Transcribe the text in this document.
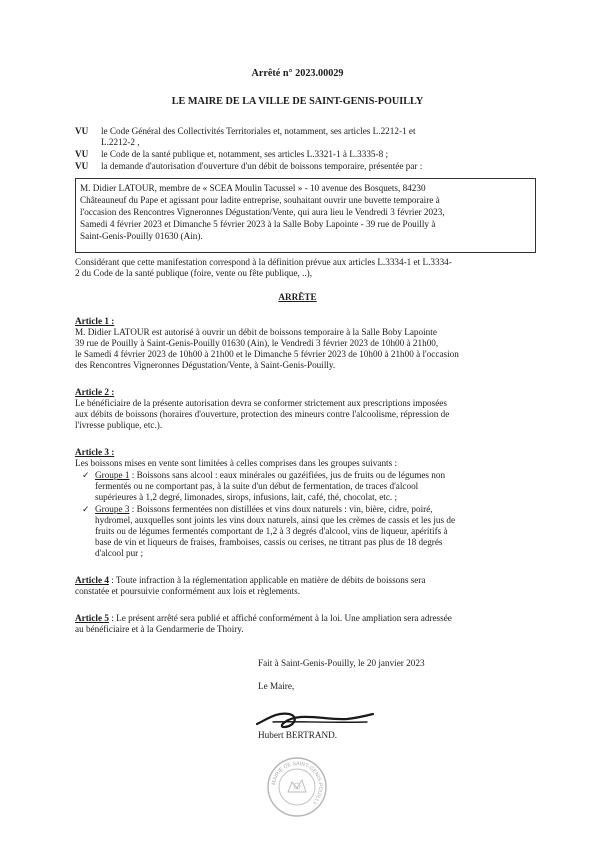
Arrêté n° 2023.00029
LE MAIRE DE LA VILLE DE SAINT-GENIS-POUILLY
VU le Code Général des Collectivités Territoriales et, notamment, ses articles L.2212-1 et
L.2212-2 ,
VU le Code de la santé publique et, notamment, ses articles L.3321-1 à L.3335-8 ;
VU la demande d'autorisation d'ouverture d'un débit de boissons temporaire, présentée par :
M. Didier LATOUR, membre de « SCEA Moulin Tacussel » - 10 avenue des Bosquets, 84230
Châteauneuf du Pape et agissant pour ladite entreprise, souhaitant ouvrir une buvette temporaire à
l'occasion des Rencontres Vigneronnes Dégustation/Vente, qui aura lieu le Vendredi 3 février 2023,
Samedi 4 février 2023 et Dimanche 5 février 2023 à la Salle Boby Lapointe - 39 rue de Pouilly à
Saint-Genis-Pouilly 01630 (Ain).
Considérant que cette manifestation correspond à la définition prévue aux articles L.3334-1 et L.3334-
2 du Code de la santé publique (foire, vente ou fête publique, ..),
ARRÊTE
Article 1 :
M. Didier LATOUR est autorisé à ouvrir un débit de boissons temporaire à la Salle Boby Lapointe
39 rue de Pouilly à Saint-Genis-Pouilly 01630 (Ain), le Vendredi 3 février 2023 de 10h00 à 21h00,
le Samedi 4 février 2023 de 10h00 à 21h00 et le Dimanche 5 février 2023 de 10h00 à 21h00 à l'occasion
des Rencontres Vigneronnes Dégustation/Vente, à Saint-Genis-Pouilly.
Article 2 :
Le bénéficiaire de la présente autorisation devra se conformer strictement aux prescriptions imposées
aux débits de boissons (horaires d'ouverture, protection des mineurs contre l'alcoolisme, répression de
l'ivresse publique, etc.).
Article 3 :
Les boissons mises en vente sont limitées à celles comprises dans les groupes suivants :
✓ Groupe 1 : Boissons sans alcool : eaux minérales ou gazéifiées, jus de fruits ou de légumes non
fermentés ou ne comportant pas, à la suite d'un début de fermentation, de traces d'alcool
supérieures à 1,2 degré, limonades, sirops, infusions, lait, café, thé, chocolat, etc. ;
✓ Groupe 3 : Boissons fermentées non distillées et vins doux naturels : vin, bière, cidre, poiré,
hydromel, auxquelles sont joints les vins doux naturels, ainsi que les crèmes de cassis et les jus de
fruits ou de légumes fermentés comportant de 1,2 à 3 degrés d'alcool, vins de liqueur, apéritifs à
base de vin et liqueurs de fraises, framboises, cassis ou cerises, ne titrant pas plus de 18 degrés
d'alcool pur ;
Article 4 : Toute infraction à la réglementation applicable en matière de débits de boissons sera
constatée et poursuivie conformément aux lois et règlements.
Article 5 : Le présent arrêté sera publié et affiché conformément à la loi. Une ampliation sera adressée
au bénéficiaire et à la Gendarmerie de Thoiry.
Fait à Saint-Genis-Pouilly, le 20 janvier 2023
Le Maire,
Hubert BERTRAND.
MAIRIE DE SAINT-GENIS-POUILLY
